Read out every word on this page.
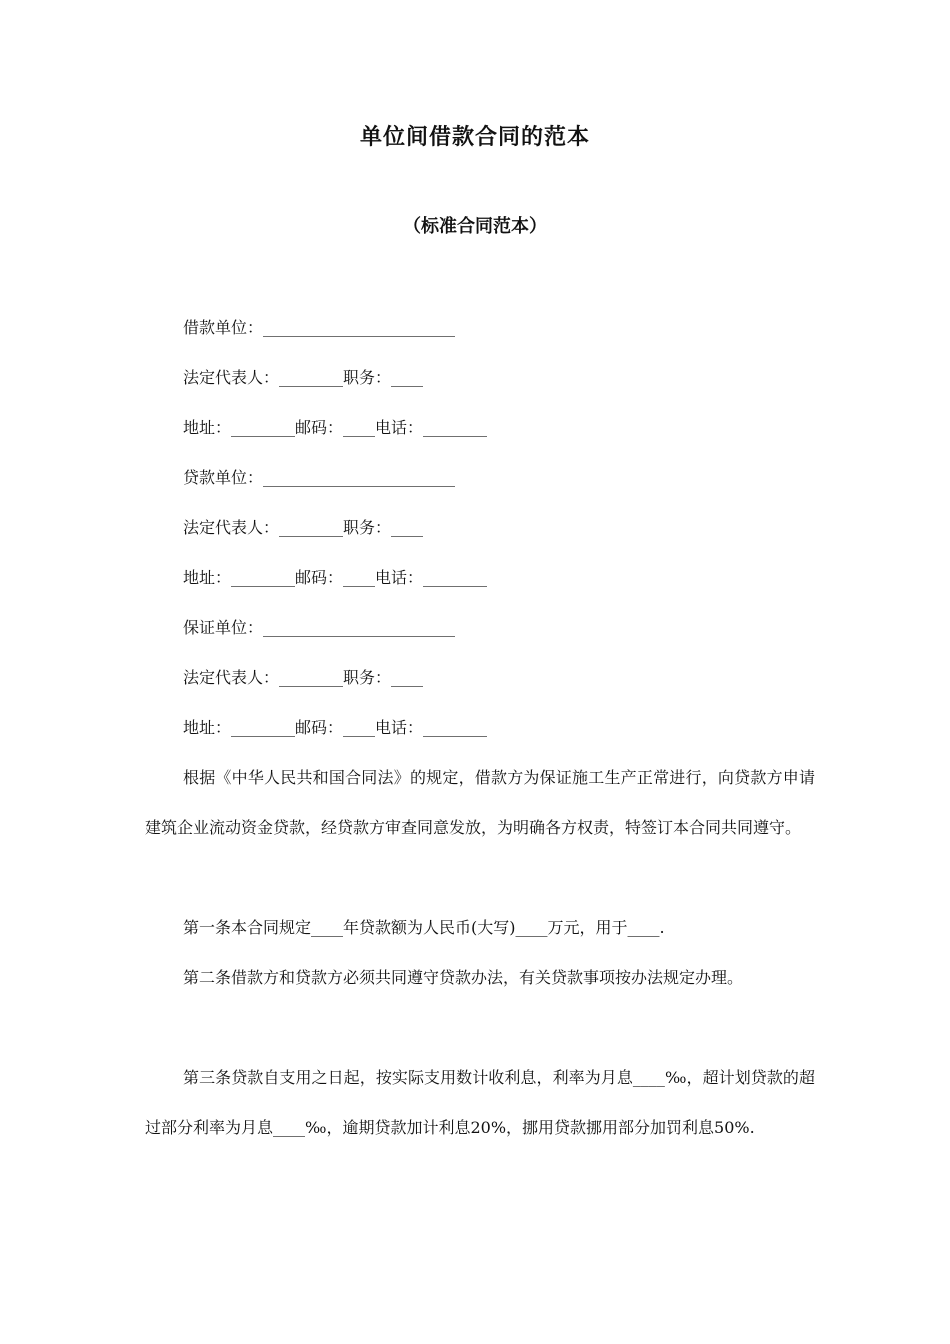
单位间借款合同的范本
（标准合同范本）
借款单位：________________________
法定代表人：________职务：____
地址：________邮码：____电话：________
贷款单位：________________________
法定代表人：________职务：____
地址：________邮码：____电话：________
保证单位：________________________
法定代表人：________职务：____
地址：________邮码：____电话：________
根据《中华人民共和国合同法》的规定，借款方为保证施工生产正常进行，向贷款方申请建筑企业流动资金贷款，经贷款方审查同意发放，为明确各方权责，特签订本合同共同遵守。
第一条本合同规定____年贷款额为人民币(大写)____万元，用于____.
第二条借款方和贷款方必须共同遵守贷款办法，有关贷款事项按办法规定办理。
第三条贷款自支用之日起，按实际支用数计收利息，利率为月息____‰，超计划贷款的超过部分利率为月息____‰，逾期贷款加计利息20%，挪用贷款挪用部分加罚利息50%.
